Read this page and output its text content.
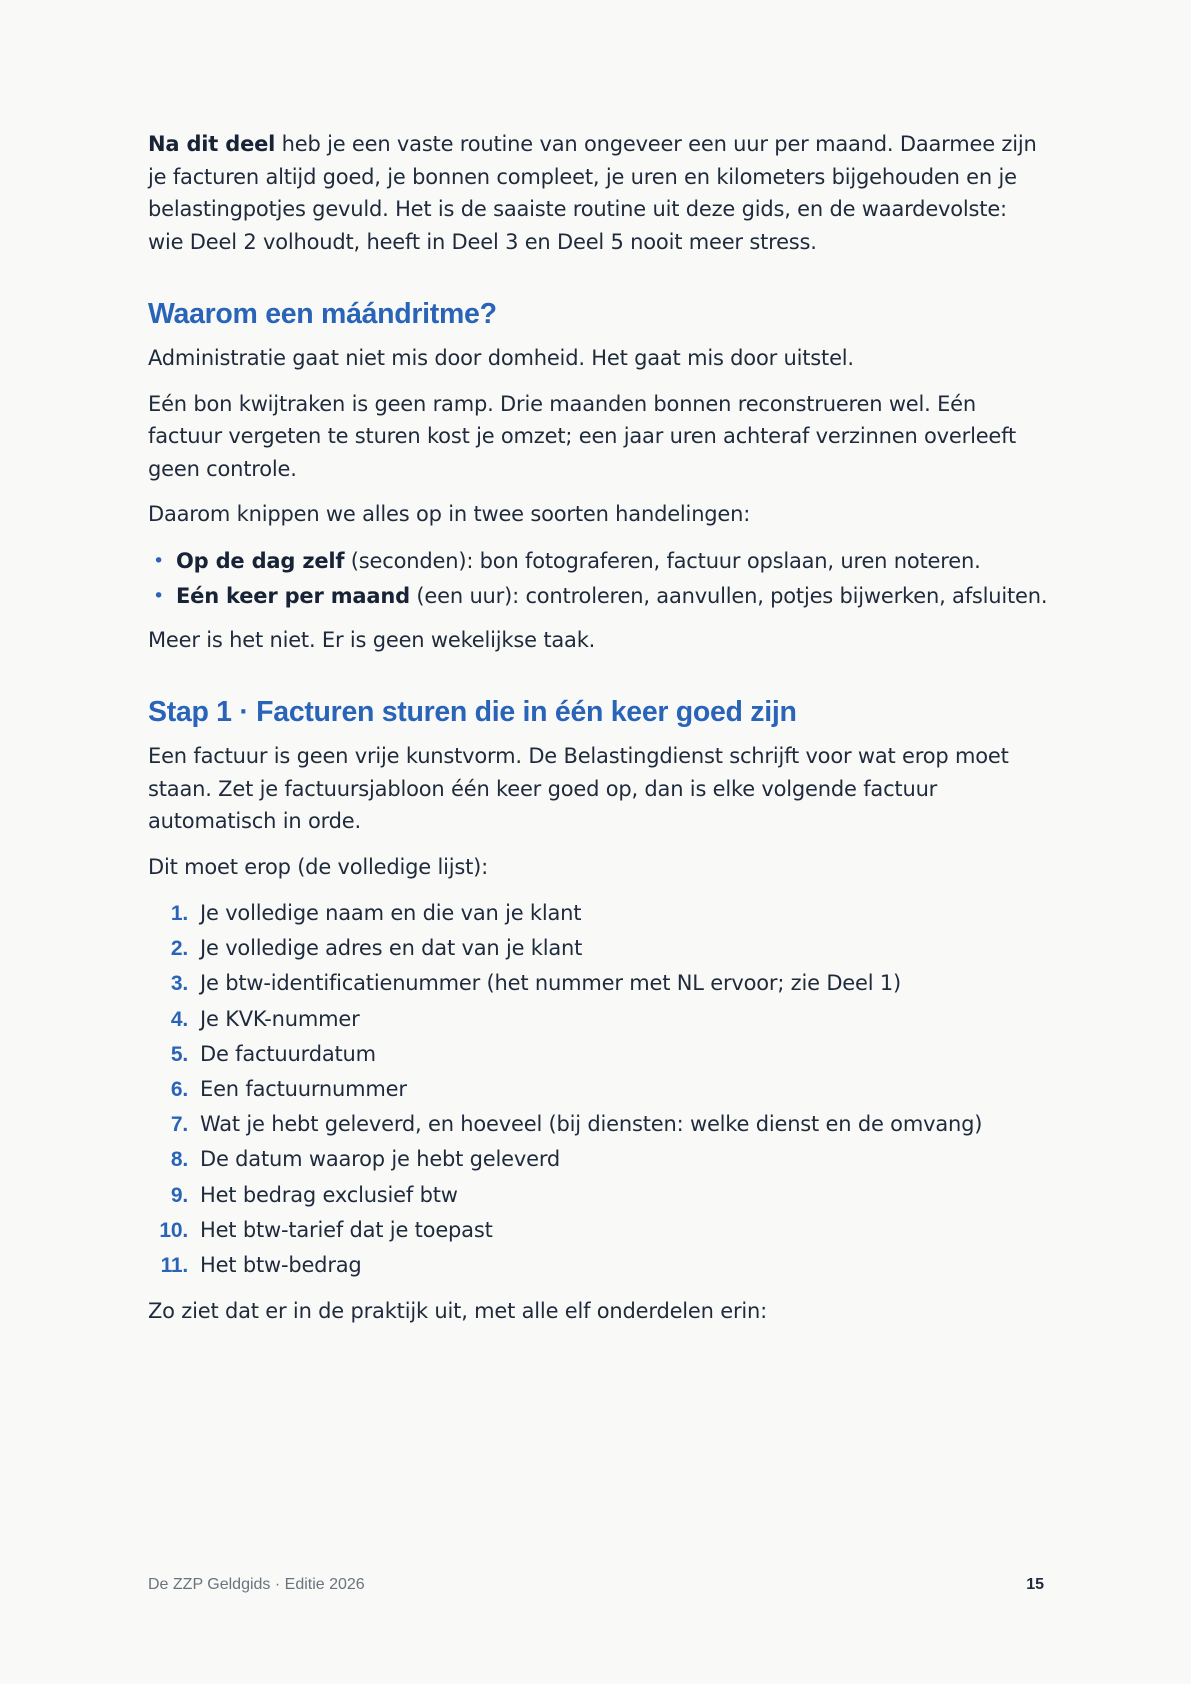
Na dit deel heb je een vaste routine van ongeveer een uur per maand. Daarmee zijn je facturen altijd goed, je bonnen compleet, je uren en kilometers bijgehouden en je belastingpotjes gevuld. Het is de saaiste routine uit deze gids, en de waardevolste: wie Deel 2 volhoudt, heeft in Deel 3 en Deel 5 nooit meer stress.

Waarom een máándritme?

Administratie gaat niet mis door domheid. Het gaat mis door uitstel.

Eén bon kwijtraken is geen ramp. Drie maanden bonnen reconstrueren wel. Eén factuur vergeten te sturen kost je omzet; een jaar uren achteraf verzinnen overleeft geen controle.

Daarom knippen we alles op in twee soorten handelingen:

• Op de dag zelf (seconden): bon fotograferen, factuur opslaan, uren noteren.
• Eén keer per maand (een uur): controleren, aanvullen, potjes bijwerken, afsluiten.

Meer is het niet. Er is geen wekelijkse taak.

Stap 1 · Facturen sturen die in één keer goed zijn

Een factuur is geen vrije kunstvorm. De Belastingdienst schrijft voor wat erop moet staan. Zet je factuursjabloon één keer goed op, dan is elke volgende factuur automatisch in orde.

Dit moet erop (de volledige lijst):

1. Je volledige naam en die van je klant
2. Je volledige adres en dat van je klant
3. Je btw-identificatienummer (het nummer met NL ervoor; zie Deel 1)
4. Je KVK-nummer
5. De factuurdatum
6. Een factuurnummer
7. Wat je hebt geleverd, en hoeveel (bij diensten: welke dienst en de omvang)
8. De datum waarop je hebt geleverd
9. Het bedrag exclusief btw
10. Het btw-tarief dat je toepast
11. Het btw-bedrag

Zo ziet dat er in de praktijk uit, met alle elf onderdelen erin:

De ZZP Geldgids · Editie 2026	15
